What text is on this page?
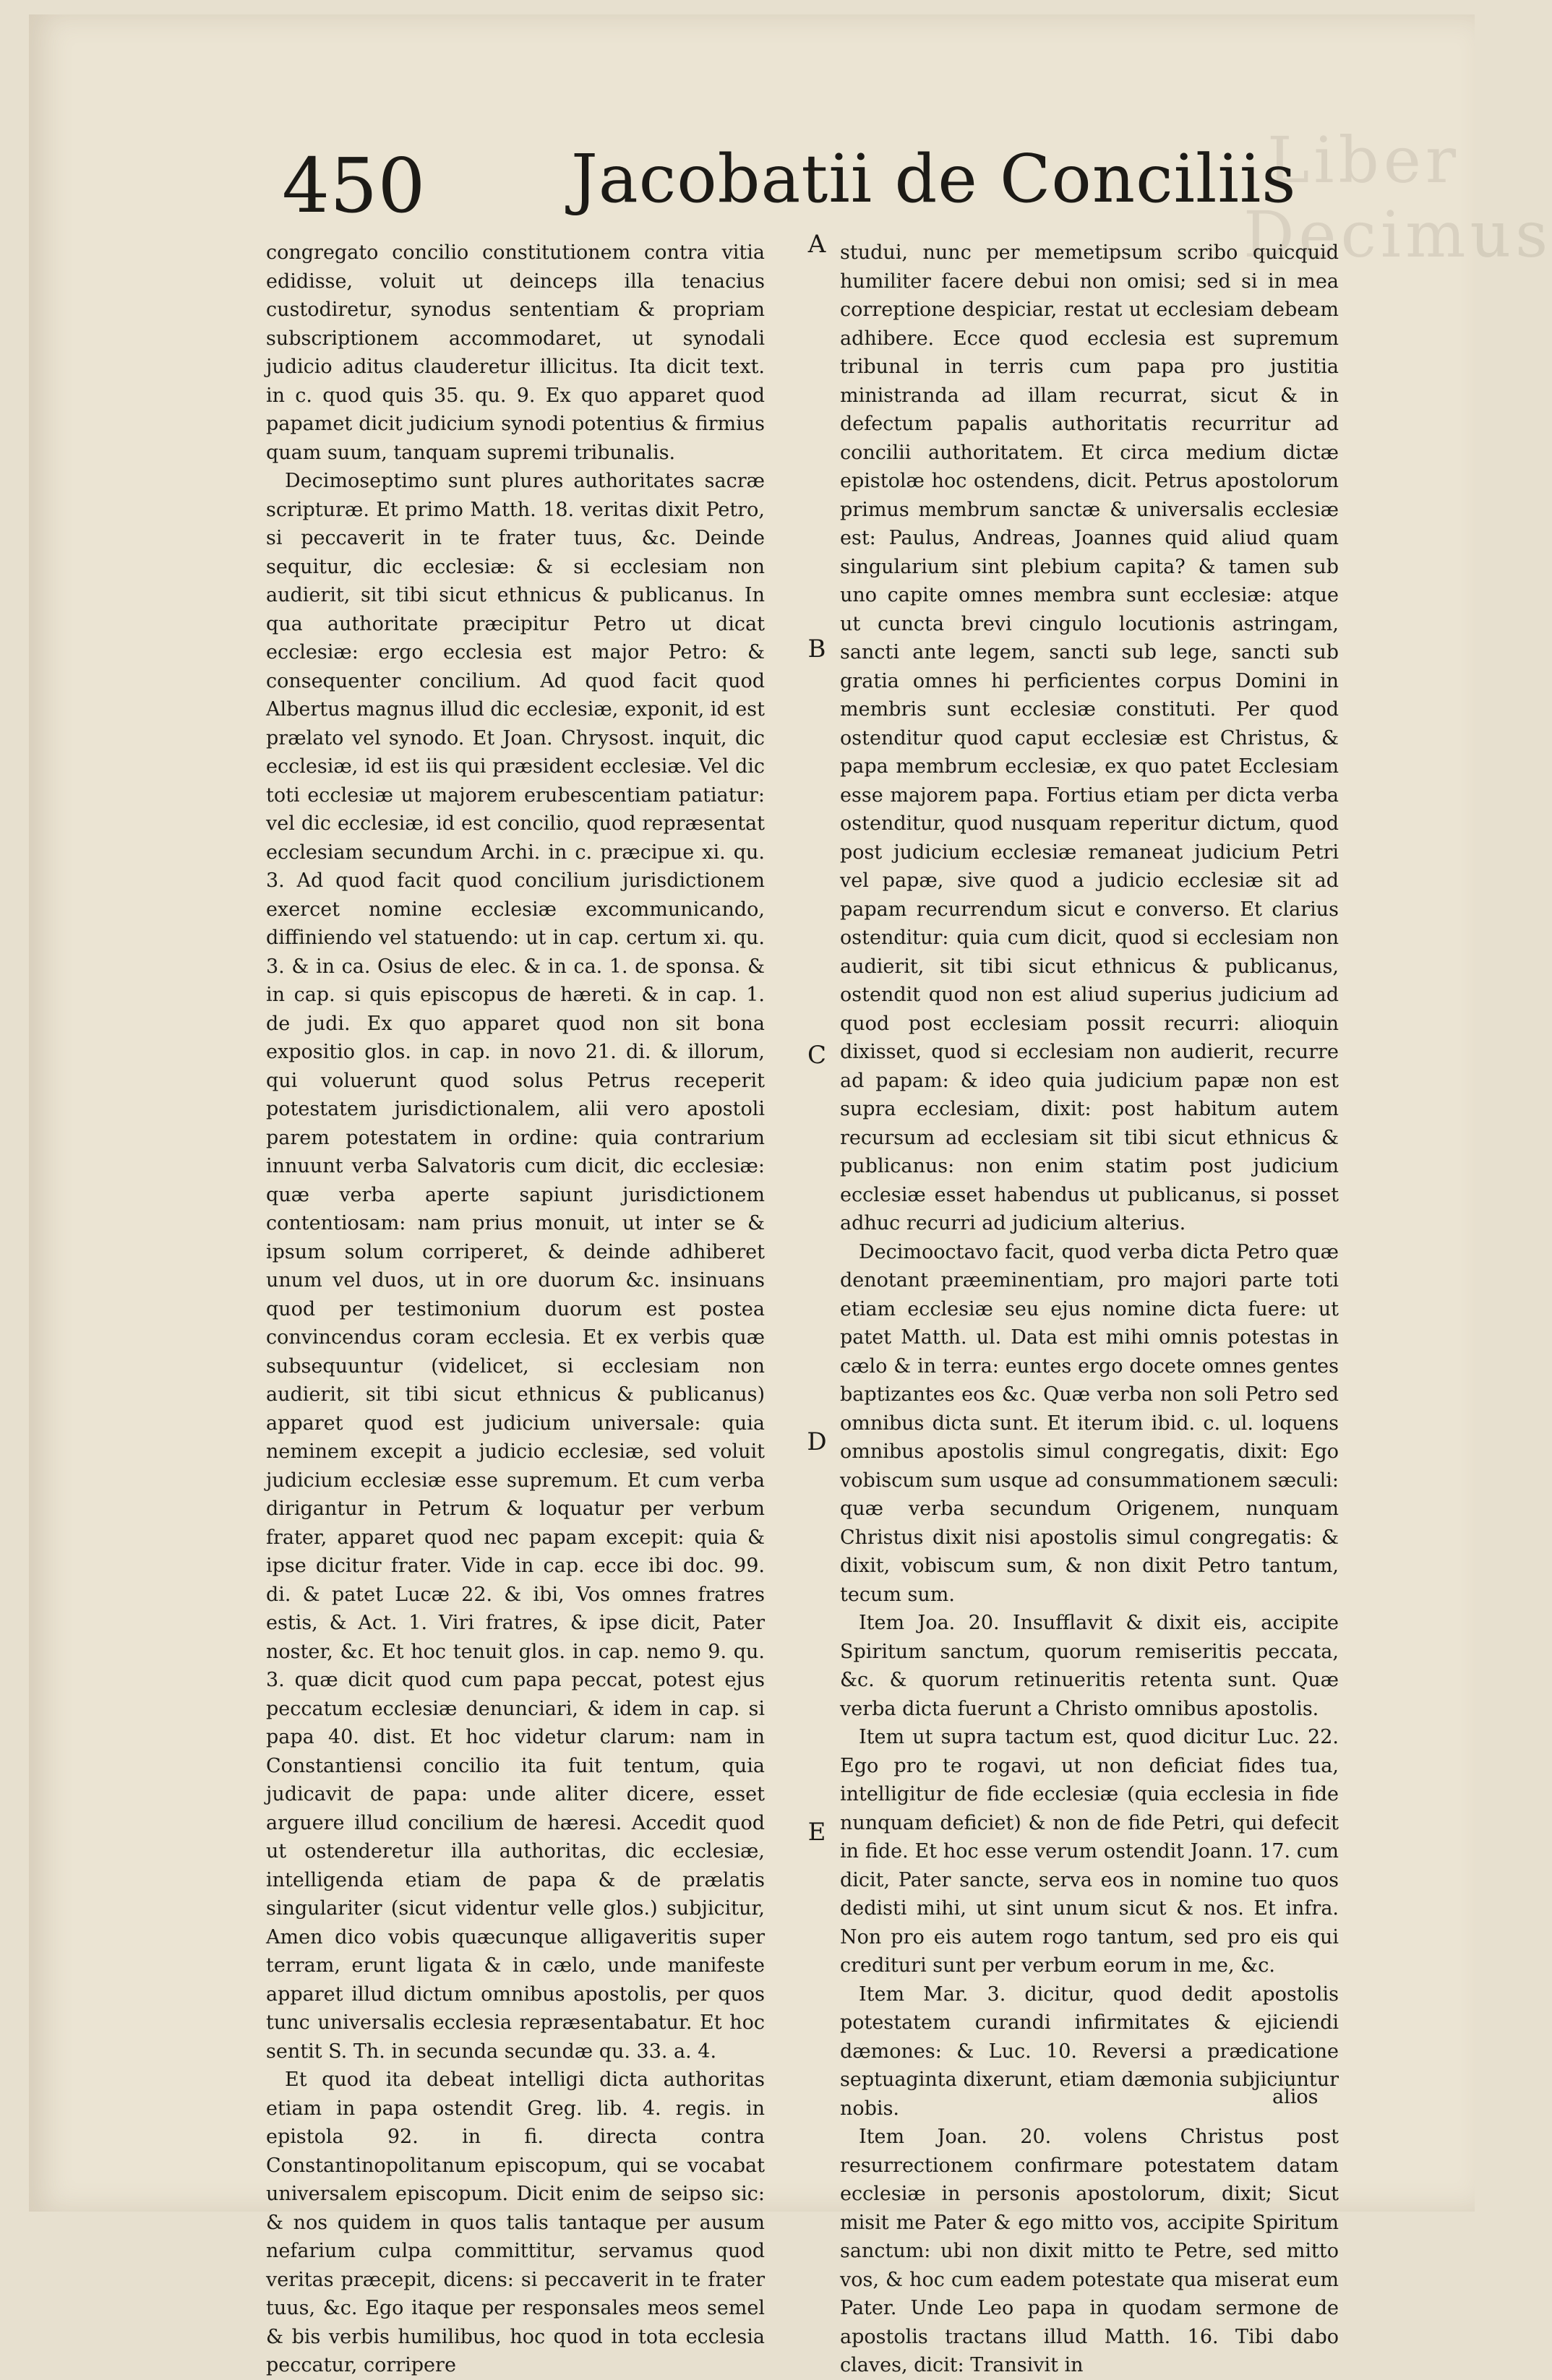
Liber Decimus
450 Jacobatii de Conciliis

congregato concilio constitutionem contra vitia edidisse, voluit ut deinceps illa tenacius custodiretur, synodus sententiam & propriam subscriptionem accommodaret, ut synodali judicio aditus clauderetur illicitus. Ita dicit text. in c. quod quis 35. qu. 9. Ex quo apparet quod papamet dicit judicium synodi potentius & firmius quam suum, tanquam supremi tribunalis.

Decimoseptimo sunt plures authoritates sacræ scripturæ. Et primo Matth. 18. veritas dixit Petro, si peccaverit in te frater tuus, &c. Deinde sequitur, dic ecclesiæ: & si ecclesiam non audierit, sit tibi sicut ethnicus & publicanus. In qua authoritate præcipitur Petro ut dicat ecclesiæ: ergo ecclesia est major Petro: & consequenter concilium. Ad quod facit quod Albertus magnus illud dic ecclesiæ, exponit, id est prælato vel synodo. Et Joan. Chrysost. inquit, dic ecclesiæ, id est iis qui præsident ecclesiæ. Vel dic toti ecclesiæ ut majorem erubescentiam patiatur: vel dic ecclesiæ, id est concilio, quod repræsentat ecclesiam secundum Archi. in c. præcipue xi. qu. 3. Ad quod facit quod concilium jurisdictionem exercet nomine ecclesiæ excommunicando, diffiniendo vel statuendo: ut in cap. certum xi. qu. 3. & in ca. Osius de elec. & in ca. 1. de sponsa. & in cap. si quis episcopus de hæreti. & in cap. 1. de judi. Ex quo apparet quod non sit bona expositio glos. in cap. in novo 21. di. & illorum, qui voluerunt quod solus Petrus receperit potestatem jurisdictionalem, alii vero apostoli parem potestatem in ordine: quia contrarium innuunt verba Salvatoris cum dicit, dic ecclesiæ: quæ verba aperte sapiunt jurisdictionem contentiosam: nam prius monuit, ut inter se & ipsum solum corriperet, & deinde adhiberet unum vel duos, ut in ore duorum &c. insinuans quod per testimonium duorum est postea convincendus coram ecclesia. Et ex verbis quæ subsequuntur (videlicet, si ecclesiam non audierit, sit tibi sicut ethnicus & publicanus) apparet quod est judicium universale: quia neminem excepit a judicio ecclesiæ, sed voluit judicium ecclesiæ esse supremum. Et cum verba dirigantur in Petrum & loquatur per verbum frater, apparet quod nec papam excepit: quia & ipse dicitur frater. Vide in cap. ecce ibi doc. 99. di. & patet Lucæ 22. & ibi, Vos omnes fratres estis, & Act. 1. Viri fratres, & ipse dicit, Pater noster, &c. Et hoc tenuit glos. in cap. nemo 9. qu. 3. quæ dicit quod cum papa peccat, potest ejus peccatum ecclesiæ denunciari, & idem in cap. si papa 40. dist. Et hoc videtur clarum: nam in Constantiensi concilio ita fuit tentum, quia judicavit de papa: unde aliter dicere, esset arguere illud concilium de hæresi. Accedit quod ut ostenderetur illa authoritas, dic ecclesiæ, intelligenda etiam de papa & de prælatis singulariter (sicut videntur velle glos.) subjicitur, Amen dico vobis quæcunque alligaveritis super terram, erunt ligata & in cælo, unde manifeste apparet illud dictum omnibus apostolis, per quos tunc universalis ecclesia repræsentabatur. Et hoc sentit S. Th. in secunda secundæ qu. 33. a. 4.

Et quod ita debeat intelligi dicta authoritas etiam in papa ostendit Greg. lib. 4. regis. in epistola 92. in fi. directa contra Constantinopolitanum episcopum, qui se vocabat universalem episcopum. Dicit enim de seipso sic: & nos quidem in quos talis tantaque per ausum nefarium culpa committitur, servamus quod veritas præcepit, dicens: si peccaverit in te frater tuus, &c. Ego itaque per responsales meos semel & bis verbis humilibus, hoc quod in tota ecclesia peccatur, corripere

A
B
C
D
E

studui, nunc per memetipsum scribo quicquid humiliter facere debui non omisi; sed si in mea correptione despiciar, restat ut ecclesiam debeam adhibere. Ecce quod ecclesia est supremum tribunal in terris cum papa pro justitia ministranda ad illam recurrat, sicut & in defectum papalis authoritatis recurritur ad concilii authoritatem. Et circa medium dictæ epistolæ hoc ostendens, dicit. Petrus apostolorum primus membrum sanctæ & universalis ecclesiæ est: Paulus, Andreas, Joannes quid aliud quam singularium sint plebium capita? & tamen sub uno capite omnes membra sunt ecclesiæ: atque ut cuncta brevi cingulo locutionis astringam, sancti ante legem, sancti sub lege, sancti sub gratia omnes hi perficientes corpus Domini in membris sunt ecclesiæ constituti. Per quod ostenditur quod caput ecclesiæ est Christus, & papa membrum ecclesiæ, ex quo patet Ecclesiam esse majorem papa. Fortius etiam per dicta verba ostenditur, quod nusquam reperitur dictum, quod post judicium ecclesiæ remaneat judicium Petri vel papæ, sive quod a judicio ecclesiæ sit ad papam recurrendum sicut e converso. Et clarius ostenditur: quia cum dicit, quod si ecclesiam non audierit, sit tibi sicut ethnicus & publicanus, ostendit quod non est aliud superius judicium ad quod post ecclesiam possit recurri: alioquin dixisset, quod si ecclesiam non audierit, recurre ad papam: & ideo quia judicium papæ non est supra ecclesiam, dixit: post habitum autem recursum ad ecclesiam sit tibi sicut ethnicus & publicanus: non enim statim post judicium ecclesiæ esset habendus ut publicanus, si posset adhuc recurri ad judicium alterius.

Decimooctavo facit, quod verba dicta Petro quæ denotant præeminentiam, pro majori parte toti etiam ecclesiæ seu ejus nomine dicta fuere: ut patet Matth. ul. Data est mihi omnis potestas in cælo & in terra: euntes ergo docete omnes gentes baptizantes eos &c. Quæ verba non soli Petro sed omnibus dicta sunt. Et iterum ibid. c. ul. loquens omnibus apostolis simul congregatis, dixit: Ego vobiscum sum usque ad consummationem sæculi: quæ verba secundum Origenem, nunquam Christus dixit nisi apostolis simul congregatis: & dixit, vobiscum sum, & non dixit Petro tantum, tecum sum.

Item Joa. 20. Insufflavit & dixit eis, accipite Spiritum sanctum, quorum remiseritis peccata, &c. & quorum retinueritis retenta sunt. Quæ verba dicta fuerunt a Christo omnibus apostolis.

Item ut supra tactum est, quod dicitur Luc. 22. Ego pro te rogavi, ut non deficiat fides tua, intelligitur de fide ecclesiæ (quia ecclesia in fide nunquam deficiet) & non de fide Petri, qui defecit in fide. Et hoc esse verum ostendit Joann. 17. cum dicit, Pater sancte, serva eos in nomine tuo quos dedisti mihi, ut sint unum sicut & nos. Et infra. Non pro eis autem rogo tantum, sed pro eis qui credituri sunt per verbum eorum in me, &c.

Item Mar. 3. dicitur, quod dedit apostolis potestatem curandi infirmitates & ejiciendi dæmones: & Luc. 10. Reversi a prædicatione septuaginta dixerunt, etiam dæmonia subjiciuntur nobis.

Item Joan. 20. volens Christus post resurrectionem confirmare potestatem datam ecclesiæ in personis apostolorum, dixit; Sicut misit me Pater & ego mitto vos, accipite Spiritum sanctum: ubi non dixit mitto te Petre, sed mitto vos, & hoc cum eadem potestate qua miserat eum Pater. Unde Leo papa in quodam sermone de apostolis tractans illud Matth. 16. Tibi dabo claves, dicit: Transivit in

alios
